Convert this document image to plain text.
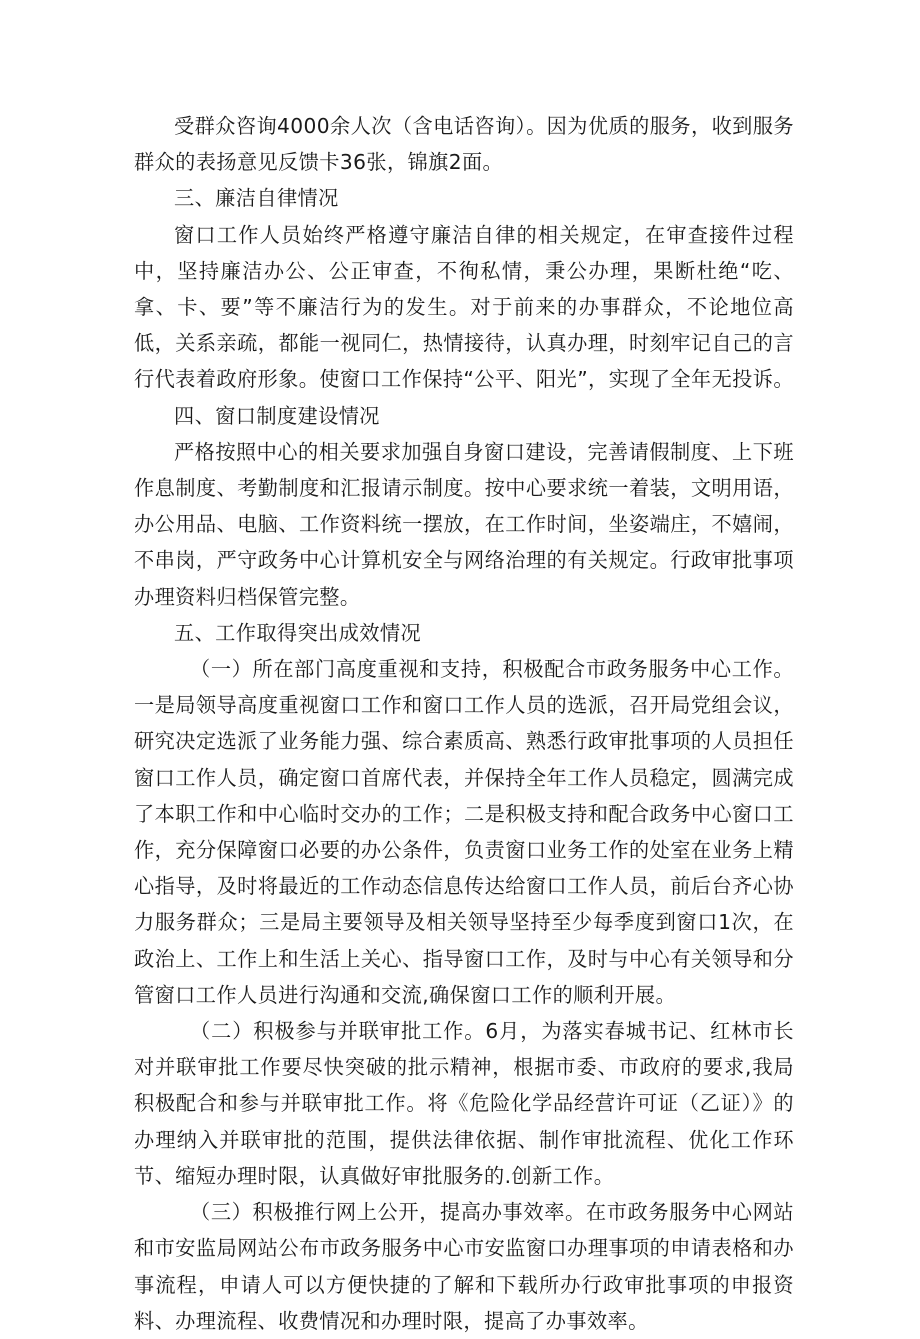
受群众咨询4000余人次（含电话咨询）。因为优质的服务，收到服务群众的表扬意见反馈卡36张，锦旗2面。

三、廉洁自律情况

窗口工作人员始终严格遵守廉洁自律的相关规定，在审查接件过程中，坚持廉洁办公、公正审查，不徇私情，秉公办理，果断杜绝“吃、拿、卡、要”等不廉洁行为的发生。对于前来的办事群众，不论地位高低，关系亲疏，都能一视同仁，热情接待，认真办理，时刻牢记自己的言行代表着政府形象。使窗口工作保持“公平、阳光”，实现了全年无投诉。

四、窗口制度建设情况

严格按照中心的相关要求加强自身窗口建设，完善请假制度、上下班作息制度、考勤制度和汇报请示制度。按中心要求统一着装，文明用语，办公用品、电脑、工作资料统一摆放，在工作时间，坐姿端庄，不嬉闹，不串岗，严守政务中心计算机安全与网络治理的有关规定。行政审批事项办理资料归档保管完整。

五、工作取得突出成效情况

（一）所在部门高度重视和支持，积极配合市政务服务中心工作。一是局领导高度重视窗口工作和窗口工作人员的选派，召开局党组会议，研究决定选派了业务能力强、综合素质高、熟悉行政审批事项的人员担任窗口工作人员，确定窗口首席代表，并保持全年工作人员稳定，圆满完成了本职工作和中心临时交办的工作；二是积极支持和配合政务中心窗口工作，充分保障窗口必要的办公条件，负责窗口业务工作的处室在业务上精心指导，及时将最近的工作动态信息传达给窗口工作人员，前后台齐心协力服务群众；三是局主要领导及相关领导坚持至少每季度到窗口1次，在政治上、工作上和生活上关心、指导窗口工作，及时与中心有关领导和分管窗口工作人员进行沟通和交流,确保窗口工作的顺利开展。

（二）积极参与并联审批工作。6月，为落实春城书记、红林市长对并联审批工作要尽快突破的批示精神，根据市委、市政府的要求,我局积极配合和参与并联审批工作。将《危险化学品经营许可证（乙证）》的办理纳入并联审批的范围，提供法律依据、制作审批流程、优化工作环节、缩短办理时限，认真做好审批服务的.创新工作。

（三）积极推行网上公开，提高办事效率。在市政务服务中心网站和市安监局网站公布市政务服务中心市安监窗口办理事项的申请表格和办事流程，申请人可以方便快捷的了解和下载所办行政审批事项的申报资料、办理流程、收费情况和办理时限，提高了办事效率。
